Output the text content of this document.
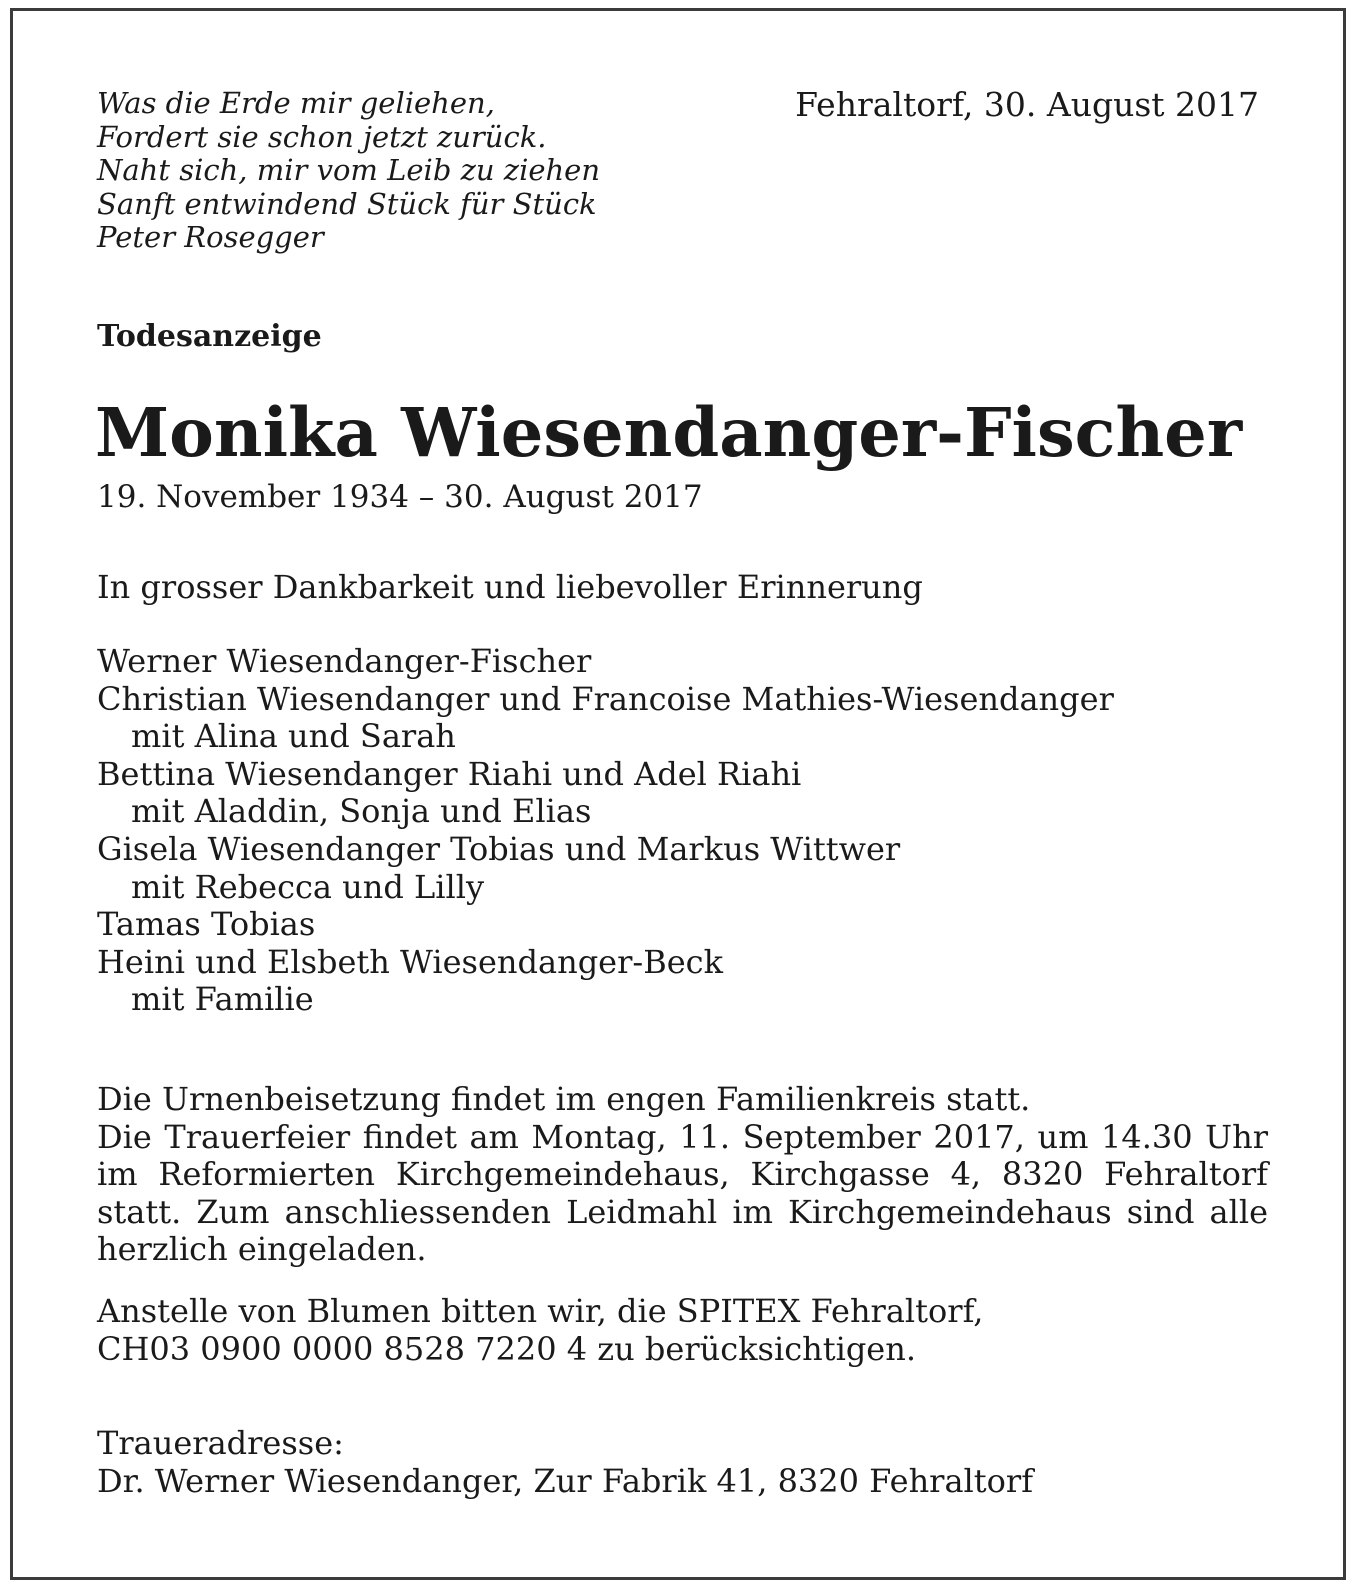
Was die Erde mir geliehen,
Fordert sie schon jetzt zurück.
Naht sich, mir vom Leib zu ziehen
Sanft entwindend Stück für Stück
Peter Rosegger
Fehraltorf, 30. August 2017
Todesanzeige
Monika Wiesendanger-Fischer
19. November 1934 – 30. August 2017
In grosser Dankbarkeit und liebevoller Erinnerung
Werner Wiesendanger-Fischer
Christian Wiesendanger und Francoise Mathies-Wiesendanger
mit Alina und Sarah
Bettina Wiesendanger Riahi und Adel Riahi
mit Aladdin, Sonja und Elias
Gisela Wiesendanger Tobias und Markus Wittwer
mit Rebecca und Lilly
Tamas Tobias
Heini und Elsbeth Wiesendanger-Beck
mit Familie
Die Urnenbeisetzung findet im engen Familienkreis statt.
Die Trauerfeier findet am Montag, 11. September 2017, um 14.30 Uhr im Reformierten Kirchgemeindehaus, Kirchgasse 4, 8320 Fehraltorf statt. Zum anschliessenden Leidmahl im Kirchgemeindehaus sind alle herzlich eingeladen.
Anstelle von Blumen bitten wir, die SPITEX Fehraltorf,
CH03 0900 0000 8528 7220 4 zu berücksichtigen.
Traueradresse:
Dr. Werner Wiesendanger, Zur Fabrik 41, 8320 Fehraltorf
